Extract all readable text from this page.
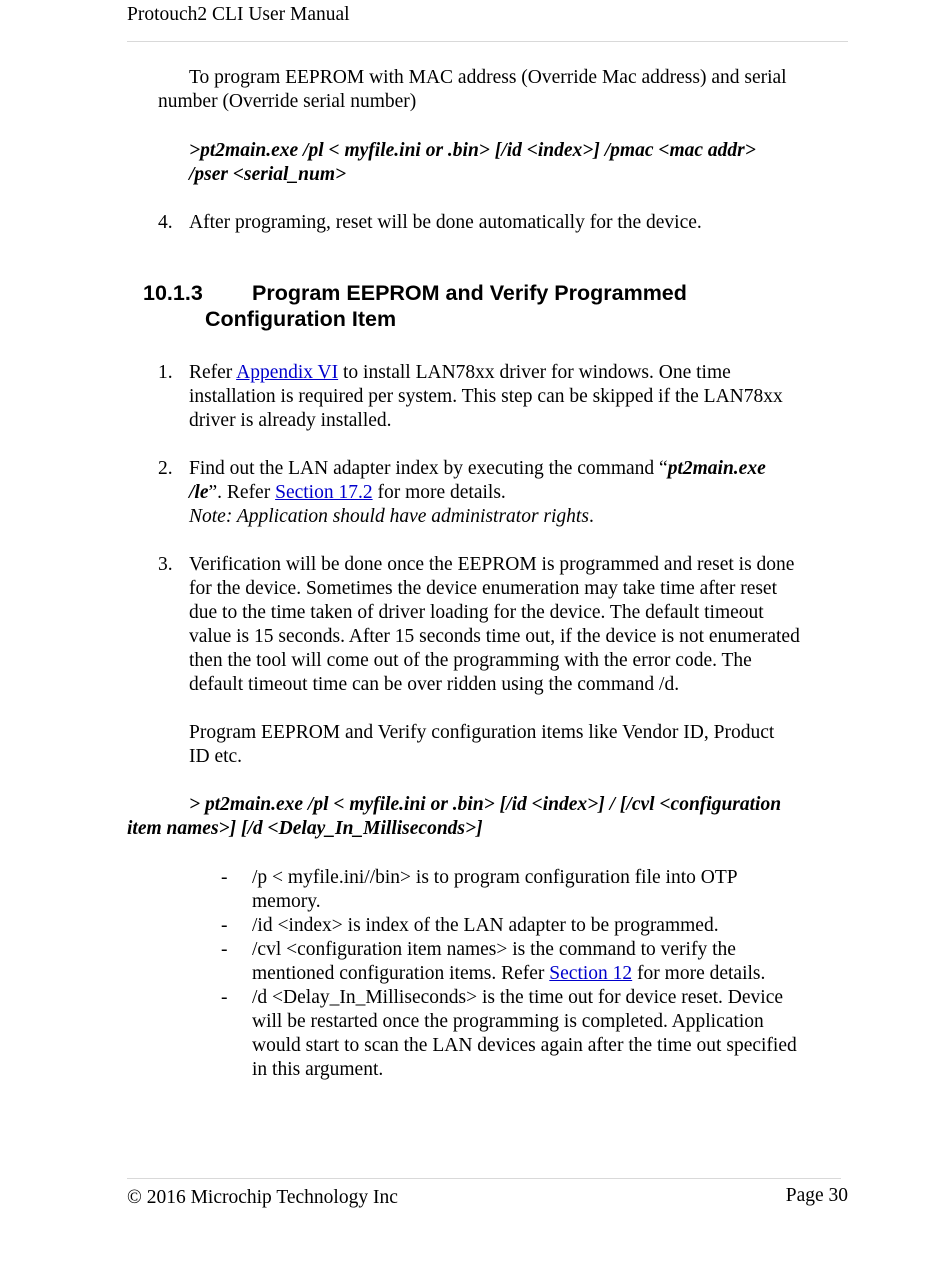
Protouch2 CLI User Manual
To program EEPROM with MAC address (Override Mac address) and serial
number (Override serial number)
>pt2main.exe /pl < myfile.ini or .bin> [/id <index>] /pmac <mac addr>
/pser <serial_num>
4. After programing, reset will be done automatically for the device.
10.1.3 Program EEPROM and Verify Programmed
Configuration Item
1. Refer Appendix VI to install LAN78xx driver for windows. One time
installation is required per system. This step can be skipped if the LAN78xx
driver is already installed.
2. Find out the LAN adapter index by executing the command “pt2main.exe
/le”. Refer Section 17.2 for more details.
Note: Application should have administrator rights.
3. Verification will be done once the EEPROM is programmed and reset is done
for the device. Sometimes the device enumeration may take time after reset
due to the time taken of driver loading for the device. The default timeout
value is 15 seconds. After 15 seconds time out, if the device is not enumerated
then the tool will come out of the programming with the error code. The
default timeout time can be over ridden using the command /d.
Program EEPROM and Verify configuration items like Vendor ID, Product
ID etc.
> pt2main.exe /pl < myfile.ini or .bin> [/id <index>] / [/cvl <configuration
item names>] [/d <Delay_In_Milliseconds>]
- /p < myfile.ini//bin> is to program configuration file into OTP
memory.
- /id <index> is index of the LAN adapter to be programmed.
- /cvl <configuration item names> is the command to verify the
mentioned configuration items. Refer Section 12 for more details.
- /d <Delay_In_Milliseconds> is the time out for device reset. Device
will be restarted once the programming is completed. Application
would start to scan the LAN devices again after the time out specified
in this argument.
© 2016 Microchip Technology Inc	Page 30
